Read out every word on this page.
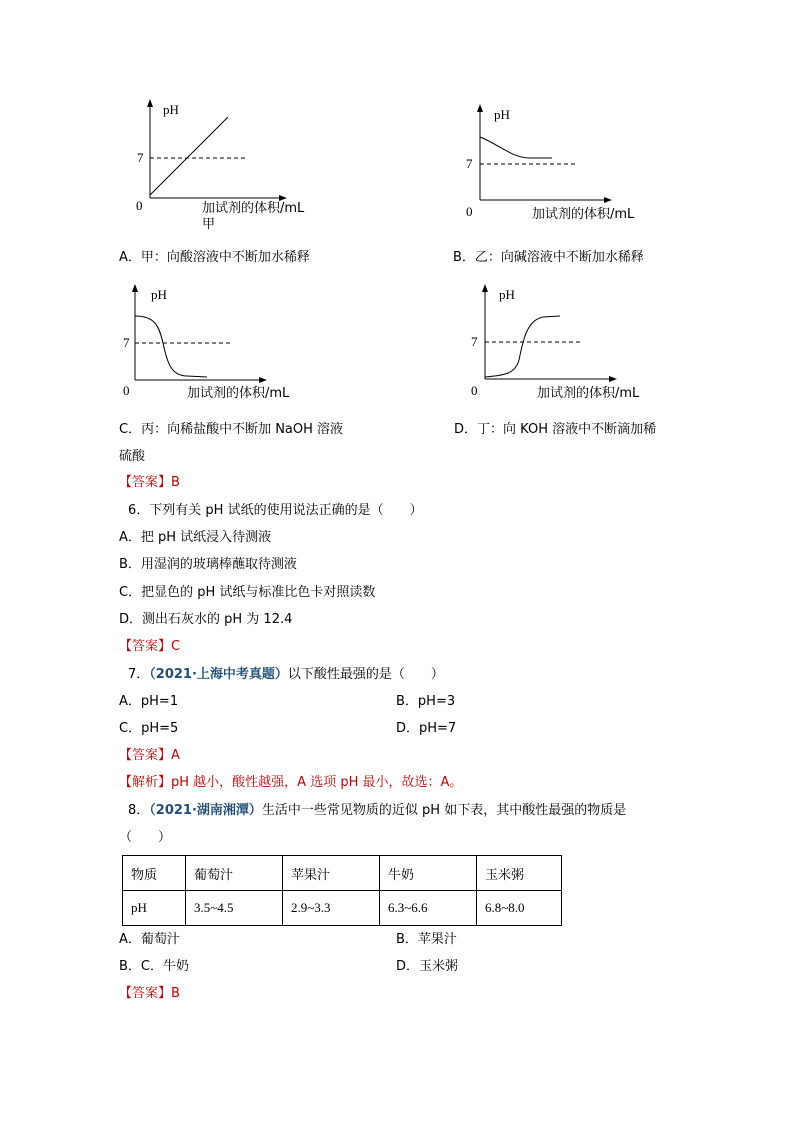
pH
7
0	加试剂的体积/mL
甲
pH
7
0	加试剂的体积/mL
A．甲：向酸溶液中不断加水稀释	B．乙：向碱溶液中不断加水稀释
pH
7
0	加试剂的体积/mL
pH
7
0	加试剂的体积/mL
C．丙：向稀盐酸中不断加 NaOH 溶液	D．丁：向 KOH 溶液中不断滴加稀
硫酸
【答案】B
6．下列有关 pH 试纸的使用说法正确的是（　　）
A．把 pH 试纸浸入待测液
B．用湿润的玻璃棒蘸取待测液
C．把显色的 pH 试纸与标准比色卡对照读数
D．测出石灰水的 pH 为 12.4
【答案】C
7．（2021·上海中考真题）以下酸性最强的是（　　）
A．pH=1	B．pH=3
C．pH=5	D．pH=7
【答案】A
【解析】pH 越小，酸性越强，A 选项 pH 最小，故选：A。
8．（2021·湖南湘潭）生活中一些常见物质的近似 pH 如下表，其中酸性最强的物质是
（　　）
物质	葡萄汁	苹果汁	牛奶	玉米粥
pH	3.5~4.5	2.9~3.3	6.3~6.6	6.8~8.0
A．葡萄汁	B．苹果汁
B．C．牛奶	D．玉米粥
【答案】B
